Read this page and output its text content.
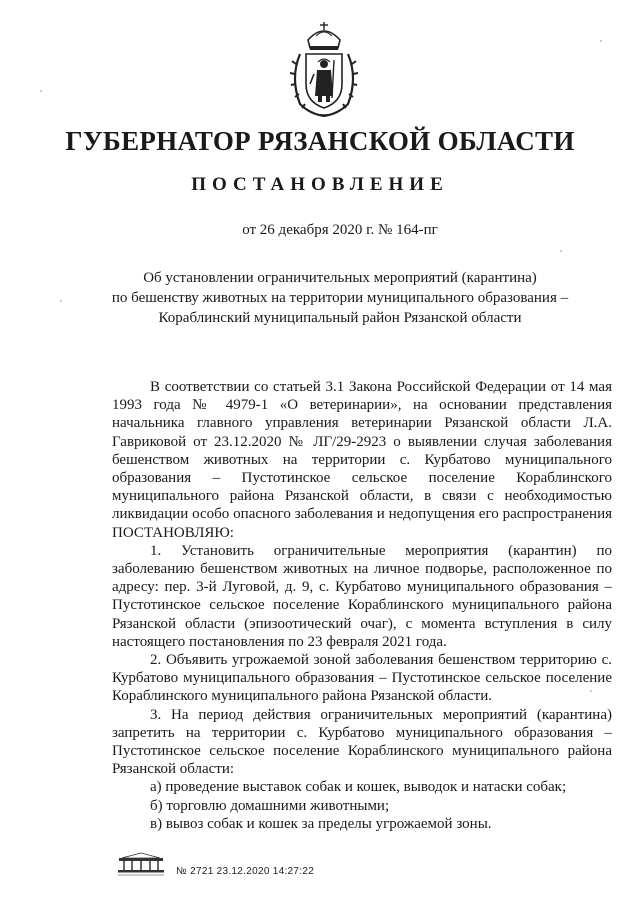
ГУБЕРНАТОР РЯЗАНСКОЙ ОБЛАСТИ
ПОСТАНОВЛЕНИЕ
от 26 декабря 2020 г. № 164-пг
Об установлении ограничительных мероприятий (карантина)
по бешенству животных на территории муниципального образования –
Кораблинский муниципальный район Рязанской области

В соответствии со статьей 3.1 Закона Российской Федерации от 14 мая 1993 года № 4979-1 «О ветеринарии», на основании представления начальника главного управления ветеринарии Рязанской области Л.А. Гавриковой от 23.12.2020 № ЛГ/29-2923 о выявлении случая заболевания бешенством животных на территории с. Курбатово муниципального образования – Пустотинское сельское поселение Кораблинского муниципального района Рязанской области, в связи с необходимостью ликвидации особо опасного заболевания и недопущения его распространения ПОСТАНОВЛЯЮ:

1. Установить ограничительные мероприятия (карантин) по заболеванию бешенством животных на личное подворье, расположенное по адресу: пер. 3-й Луговой, д. 9, с. Курбатово муниципального образования – Пустотинское сельское поселение Кораблинского муниципального района Рязанской области (эпизоотический очаг), с момента вступления в силу настоящего постановления по 23 февраля 2021 года.

2. Объявить угрожаемой зоной заболевания бешенством территорию с. Курбатово муниципального образования – Пустотинское сельское поселение Кораблинского муниципального района Рязанской области.

3. На период действия ограничительных мероприятий (карантина) запретить на территории с. Курбатово муниципального образования – Пустотинское сельское поселение Кораблинского муниципального района Рязанской области:

а) проведение выставок собак и кошек, выводок и натаски собак;

б) торговлю домашними животными;

в) вывоз собак и кошек за пределы угрожаемой зоны.

№ 2721 23.12.2020 14:27:22
